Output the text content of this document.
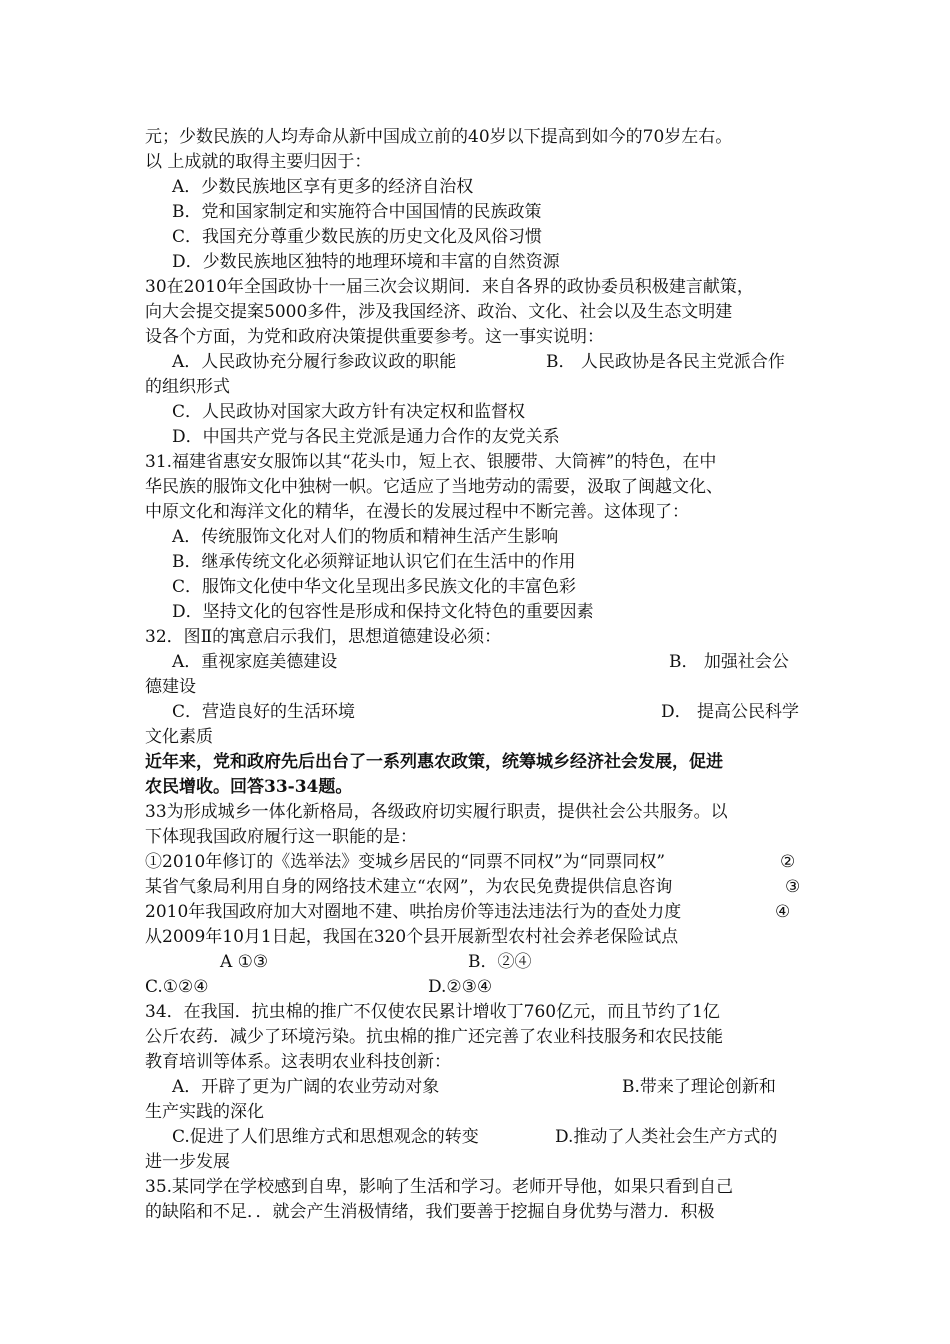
元；少数民族的人均寿命从新中国成立前的40岁以下提高到如今的70岁左右。
以 上成就的取得主要归因于：
A．少数民族地区享有更多的经济自治权
B．党和国家制定和实施符合中国国情的民族政策
C．我国充分尊重少数民族的历史文化及风俗习惯
D．少数民族地区独特的地理环境和丰富的自然资源
30在2010年全国政协十一届三次会议期间．来自各界的政协委员积极建言献策，
向大会提交提案5000多件，涉及我国经济、政治、文化、社会以及生态文明建
设各个方面，为党和政府决策提供重要参考。这一事实说明：
A．人民政协充分履行参政议政的职能	B． 人民政协是各民主党派合作
的组织形式
C．人民政协对国家大政方针有决定权和监督权
D．中国共产党与各民主党派是通力合作的友党关系
31.福建省惠安女服饰以其“花头巾，短上衣、银腰带、大筒裤”的特色，在中
华民族的服饰文化中独树一帜。它适应了当地劳动的需要，汲取了闽越文化、
中原文化和海洋文化的精华，在漫长的发展过程中不断完善。这体现了：
A．传统服饰文化对人们的物质和精神生活产生影响
B．继承传统文化必须辩证地认识它们在生活中的作用
C．服饰文化使中华文化呈现出多民族文化的丰富色彩
D．坚持文化的包容性是形成和保持文化特色的重要因素
32．图Ⅱ的寓意启示我们，思想道德建设必须：
A．重视家庭美德建设	B． 加强社会公
德建设
C．营造良好的生活环境	D． 提高公民科学
文化素质
近年来，党和政府先后出台了一系列惠农政策，统筹城乡经济社会发展，促进
农民增收。回答33-34题。
33为形成城乡一体化新格局，各级政府切实履行职责，提供社会公共服务。以
下体现我国政府履行这一职能的是：
①2010年修订的《选举法》变城乡居民的“同票不同权”为“同票同权”	②
某省气象局利用自身的网络技术建立“农网”，为农民免费提供信息咨询	③
2010年我国政府加大对圈地不建、哄抬房价等违法违法行为的查处力度	④
从2009年10月1日起，我国在320个县开展新型农村社会养老保险试点
A ①③	B．②④
C.①②④	D.②③④
34．在我国．抗虫棉的推广不仅使农民累计增收丁760亿元，而且节约了1亿
公斤农药．减少了环境污染。抗虫棉的推广还完善了农业科技服务和农民技能
教育培训等体系。这表明农业科技创新：
A．开辟了更为广阔的农业劳动对象	B.带来了理论创新和
生产实践的深化
C.促进了人们思维方式和思想观念的转变	D.推动了人类社会生产方式的
进一步发展
35.某同学在学校感到自卑，影响了生活和学习。老师开导他，如果只看到自己
的缺陷和不足．．就会产生消极情绪，我们要善于挖掘自身优势与潜力．积极
